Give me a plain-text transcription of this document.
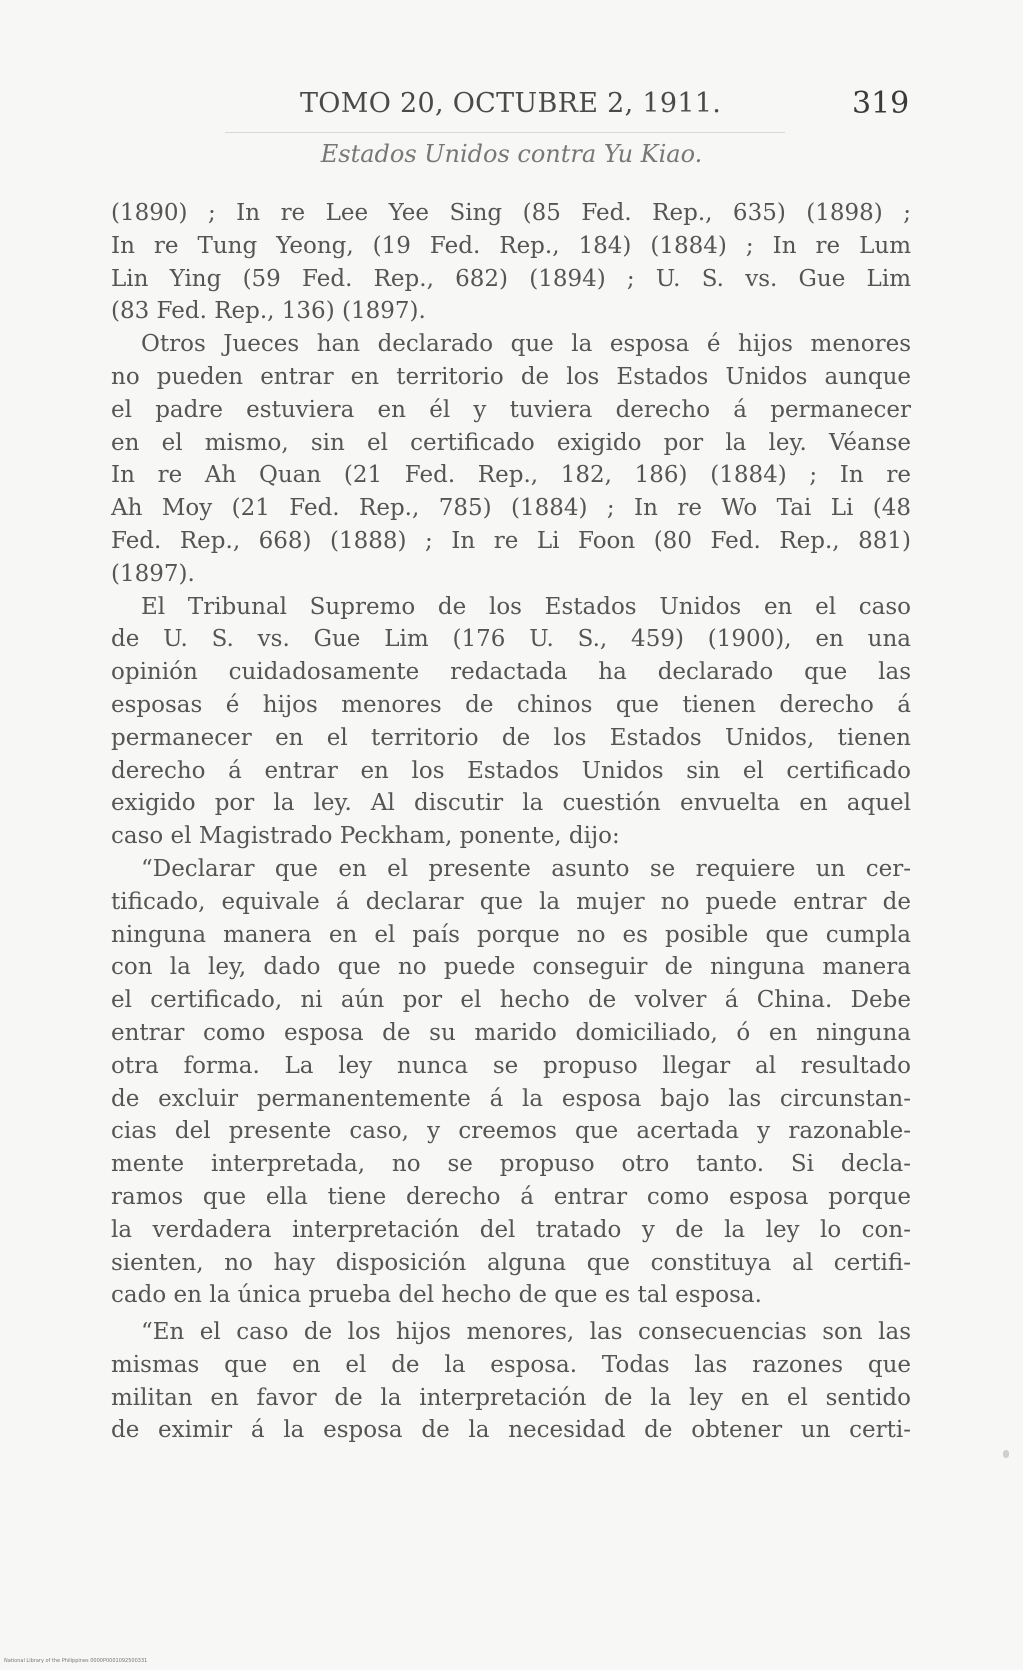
TOMO 20, OCTUBRE 2, 1911.	319
Estados Unidos contra Yu Kiao.
(1890) ; In re Lee Yee Sing (85 Fed. Rep., 635) (1898) ;
In re Tung Yeong, (19 Fed. Rep., 184) (1884) ; In re Lum
Lin Ying (59 Fed. Rep., 682) (1894) ; U. S. vs. Gue Lim
(83 Fed. Rep., 136) (1897).
Otros Jueces han declarado que la esposa é hijos menores
no pueden entrar en territorio de los Estados Unidos aunque
el padre estuviera en él y tuviera derecho á permanecer
en el mismo, sin el certificado exigido por la ley. Véanse
In re Ah Quan (21 Fed. Rep., 182, 186) (1884) ; In re
Ah Moy (21 Fed. Rep., 785) (1884) ; In re Wo Tai Li (48
Fed. Rep., 668) (1888) ; In re Li Foon (80 Fed. Rep., 881)
(1897).
El Tribunal Supremo de los Estados Unidos en el caso
de U. S. vs. Gue Lim (176 U. S., 459) (1900), en una
opinión cuidadosamente redactada ha declarado que las
esposas é hijos menores de chinos que tienen derecho á
permanecer en el territorio de los Estados Unidos, tienen
derecho á entrar en los Estados Unidos sin el certificado
exigido por la ley. Al discutir la cuestión envuelta en aquel
caso el Magistrado Peckham, ponente, dijo:
“Declarar que en el presente asunto se requiere un cer-
tificado, equivale á declarar que la mujer no puede entrar de
ninguna manera en el país porque no es posible que cumpla
con la ley, dado que no puede conseguir de ninguna manera
el certificado, ni aún por el hecho de volver á China. Debe
entrar como esposa de su marido domiciliado, ó en ninguna
otra forma. La ley nunca se propuso llegar al resultado
de excluir permanentemente á la esposa bajo las circunstan-
cias del presente caso, y creemos que acertada y razonable-
mente interpretada, no se propuso otro tanto. Si decla-
ramos que ella tiene derecho á entrar como esposa porque
la verdadera interpretación del tratado y de la ley lo con-
sienten, no hay disposición alguna que constituya al certifi-
cado en la única prueba del hecho de que es tal esposa.
“En el caso de los hijos menores, las consecuencias son las
mismas que en el de la esposa. Todas las razones que
militan en favor de la interpretación de la ley en el sentido
de eximir á la esposa de la necesidad de obtener un certi-
National Library of the Philippines 0000P0001092500331
